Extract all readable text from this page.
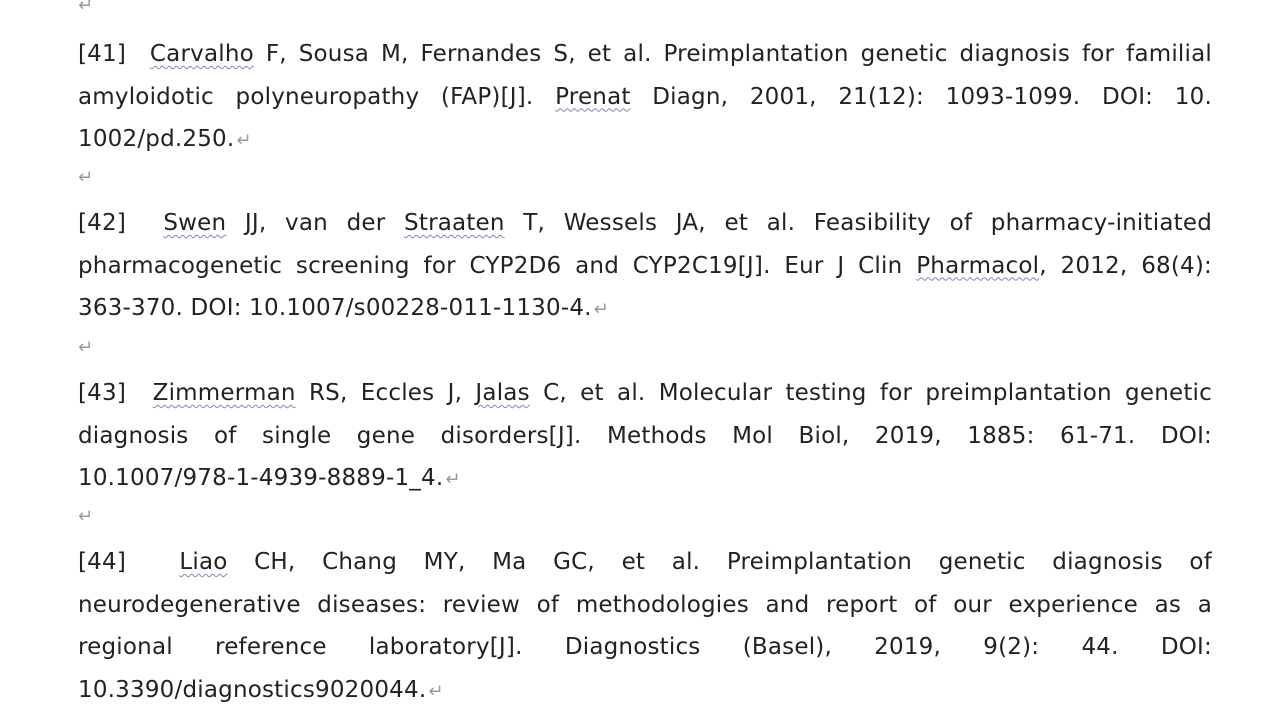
↵
[41] Carvalho F, Sousa M, Fernandes S, et al. Preimplantation genetic diagnosis for familial
amyloidotic polyneuropathy (FAP)[J]. Prenat Diagn, 2001, 21(12): 1093-1099. DOI: 10.
1002/pd.250. ↵
↵
[42] Swen JJ, van der Straaten T, Wessels JA, et al. Feasibility of pharmacy-initiated
pharmacogenetic screening for CYP2D6 and CYP2C19[J]. Eur J Clin Pharmacol, 2012, 68(4):
363-370. DOI: 10.1007/s00228-011-1130-4. ↵
↵
[43] Zimmerman RS, Eccles J, Jalas C, et al. Molecular testing for preimplantation genetic
diagnosis of single gene disorders[J]. Methods Mol Biol, 2019, 1885: 61-71. DOI:
10.1007/978-1-4939-8889-1_4. ↵
↵
[44] Liao CH, Chang MY, Ma GC, et al. Preimplantation genetic diagnosis of
neurodegenerative diseases: review of methodologies and report of our experience as a
regional reference laboratory[J]. Diagnostics (Basel), 2019, 9(2): 44. DOI:
10.3390/diagnostics9020044. ↵
